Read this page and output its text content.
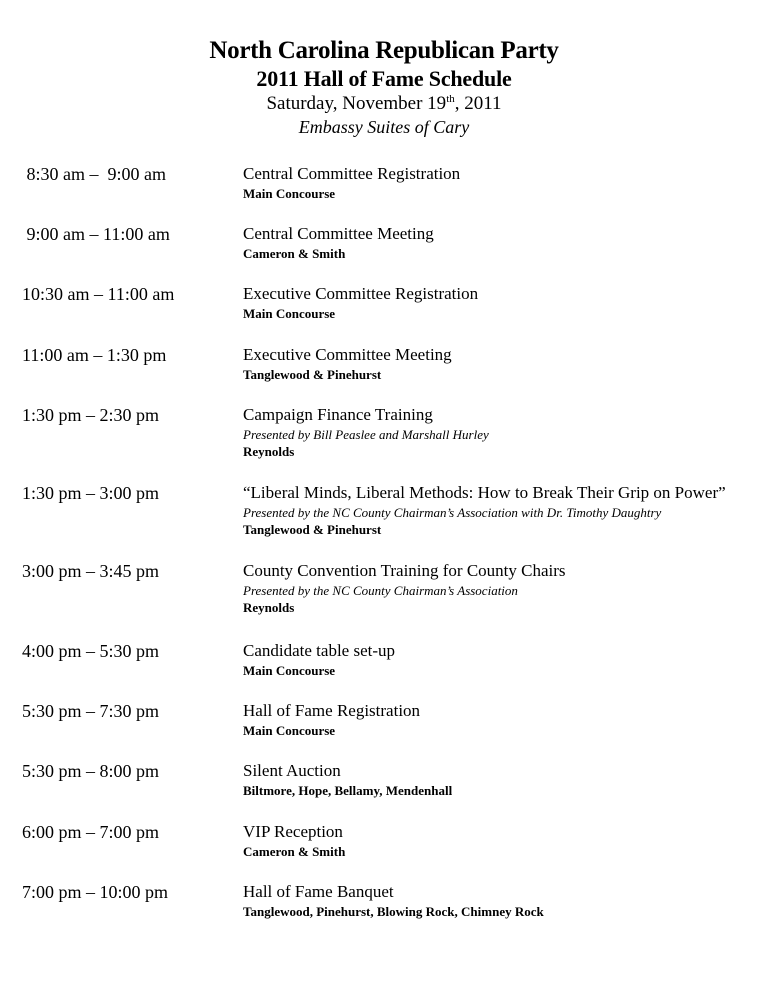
North Carolina Republican Party
2011 Hall of Fame Schedule
Saturday, November 19th, 2011
Embassy Suites of Cary
8:30 am –  9:00 am	Central Committee Registration
Main Concourse
9:00 am – 11:00 am	Central Committee Meeting
Cameron & Smith
10:30 am – 11:00 am	Executive Committee Registration
Main Concourse
11:00 am – 1:30 pm	Executive Committee Meeting
Tanglewood & Pinehurst
1:30 pm – 2:30 pm	Campaign Finance Training
Presented by Bill Peaslee and Marshall Hurley
Reynolds
1:30 pm – 3:00 pm	“Liberal Minds, Liberal Methods: How to Break Their Grip on Power”
Presented by the NC County Chairman’s Association with Dr. Timothy Daughtry
Tanglewood & Pinehurst
3:00 pm – 3:45 pm	County Convention Training for County Chairs
Presented by the NC County Chairman’s Association
Reynolds
4:00 pm – 5:30 pm	Candidate table set-up
Main Concourse
5:30 pm – 7:30 pm	Hall of Fame Registration
Main Concourse
5:30 pm – 8:00 pm	Silent Auction
Biltmore, Hope, Bellamy, Mendenhall
6:00 pm – 7:00 pm	VIP Reception
Cameron & Smith
7:00 pm – 10:00 pm	Hall of Fame Banquet
Tanglewood, Pinehurst, Blowing Rock, Chimney Rock
